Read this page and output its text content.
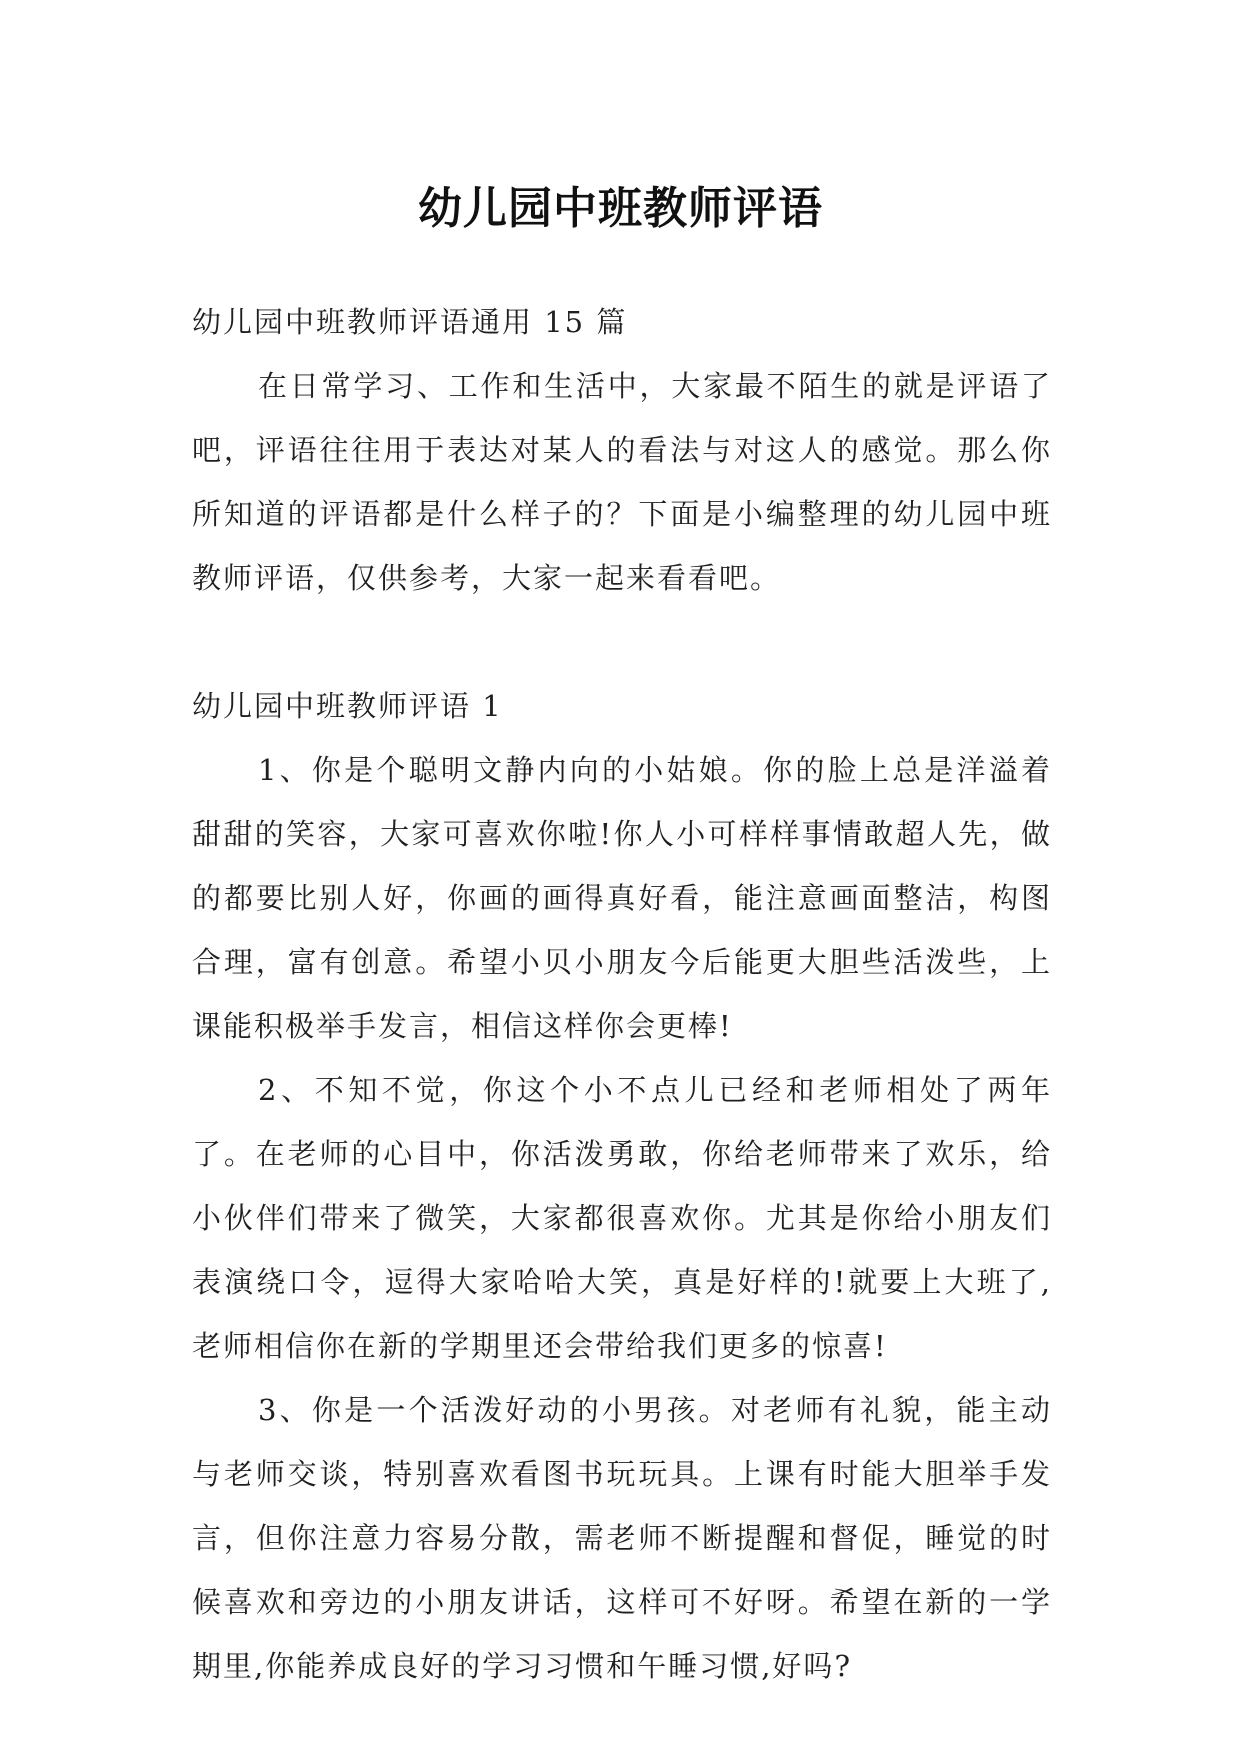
幼儿园中班教师评语

幼儿园中班教师评语通用 15 篇

在日常学习、工作和生活中，大家最不陌生的就是评语了吧，评语往往用于表达对某人的看法与对这人的感觉。那么你所知道的评语都是什么样子的？下面是小编整理的幼儿园中班教师评语，仅供参考，大家一起来看看吧。

幼儿园中班教师评语 1

1、你是个聪明文静内向的小姑娘。你的脸上总是洋溢着甜甜的笑容，大家可喜欢你啦!你人小可样样事情敢超人先，做的都要比别人好，你画的画得真好看，能注意画面整洁，构图合理，富有创意。希望小贝小朋友今后能更大胆些活泼些，上课能积极举手发言，相信这样你会更棒!

2、不知不觉，你这个小不点儿已经和老师相处了两年了。在老师的心目中，你活泼勇敢，你给老师带来了欢乐，给小伙伴们带来了微笑，大家都很喜欢你。尤其是你给小朋友们表演绕口令，逗得大家哈哈大笑，真是好样的!就要上大班了,老师相信你在新的学期里还会带给我们更多的惊喜!

3、你是一个活泼好动的小男孩。对老师有礼貌，能主动与老师交谈，特别喜欢看图书玩玩具。上课有时能大胆举手发言，但你注意力容易分散，需老师不断提醒和督促，睡觉的时候喜欢和旁边的小朋友讲话，这样可不好呀。希望在新的一学期里,你能养成良好的学习习惯和午睡习惯,好吗?
